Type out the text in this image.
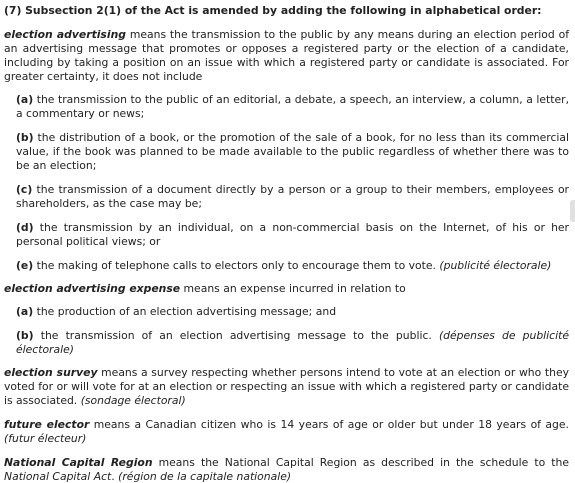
(7) Subsection 2(1) of the Act is amended by adding the following in alphabetical order:

election advertising means the transmission to the public by any means during an election period of an advertising message that promotes or opposes a registered party or the election of a candidate, including by taking a position on an issue with which a registered party or candidate is associated. For greater certainty, it does not include

(a) the transmission to the public of an editorial, a debate, a speech, an interview, a column, a letter, a commentary or news;

(b) the distribution of a book, or the promotion of the sale of a book, for no less than its commercial value, if the book was planned to be made available to the public regardless of whether there was to be an election;

(c) the transmission of a document directly by a person or a group to their members, employees or shareholders, as the case may be;

(d) the transmission by an individual, on a non-commercial basis on the Internet, of his or her personal political views; or

(e) the making of telephone calls to electors only to encourage them to vote. (publicité électorale)

election advertising expense means an expense incurred in relation to

(a) the production of an election advertising message; and

(b) the transmission of an election advertising message to the public. (dépenses de publicité électorale)

election survey means a survey respecting whether persons intend to vote at an election or who they voted for or will vote for at an election or respecting an issue with which a registered party or candidate is associated. (sondage électoral)

future elector means a Canadian citizen who is 14 years of age or older but under 18 years of age. (futur électeur)

National Capital Region means the National Capital Region as described in the schedule to the National Capital Act. (région de la capitale nationale)
